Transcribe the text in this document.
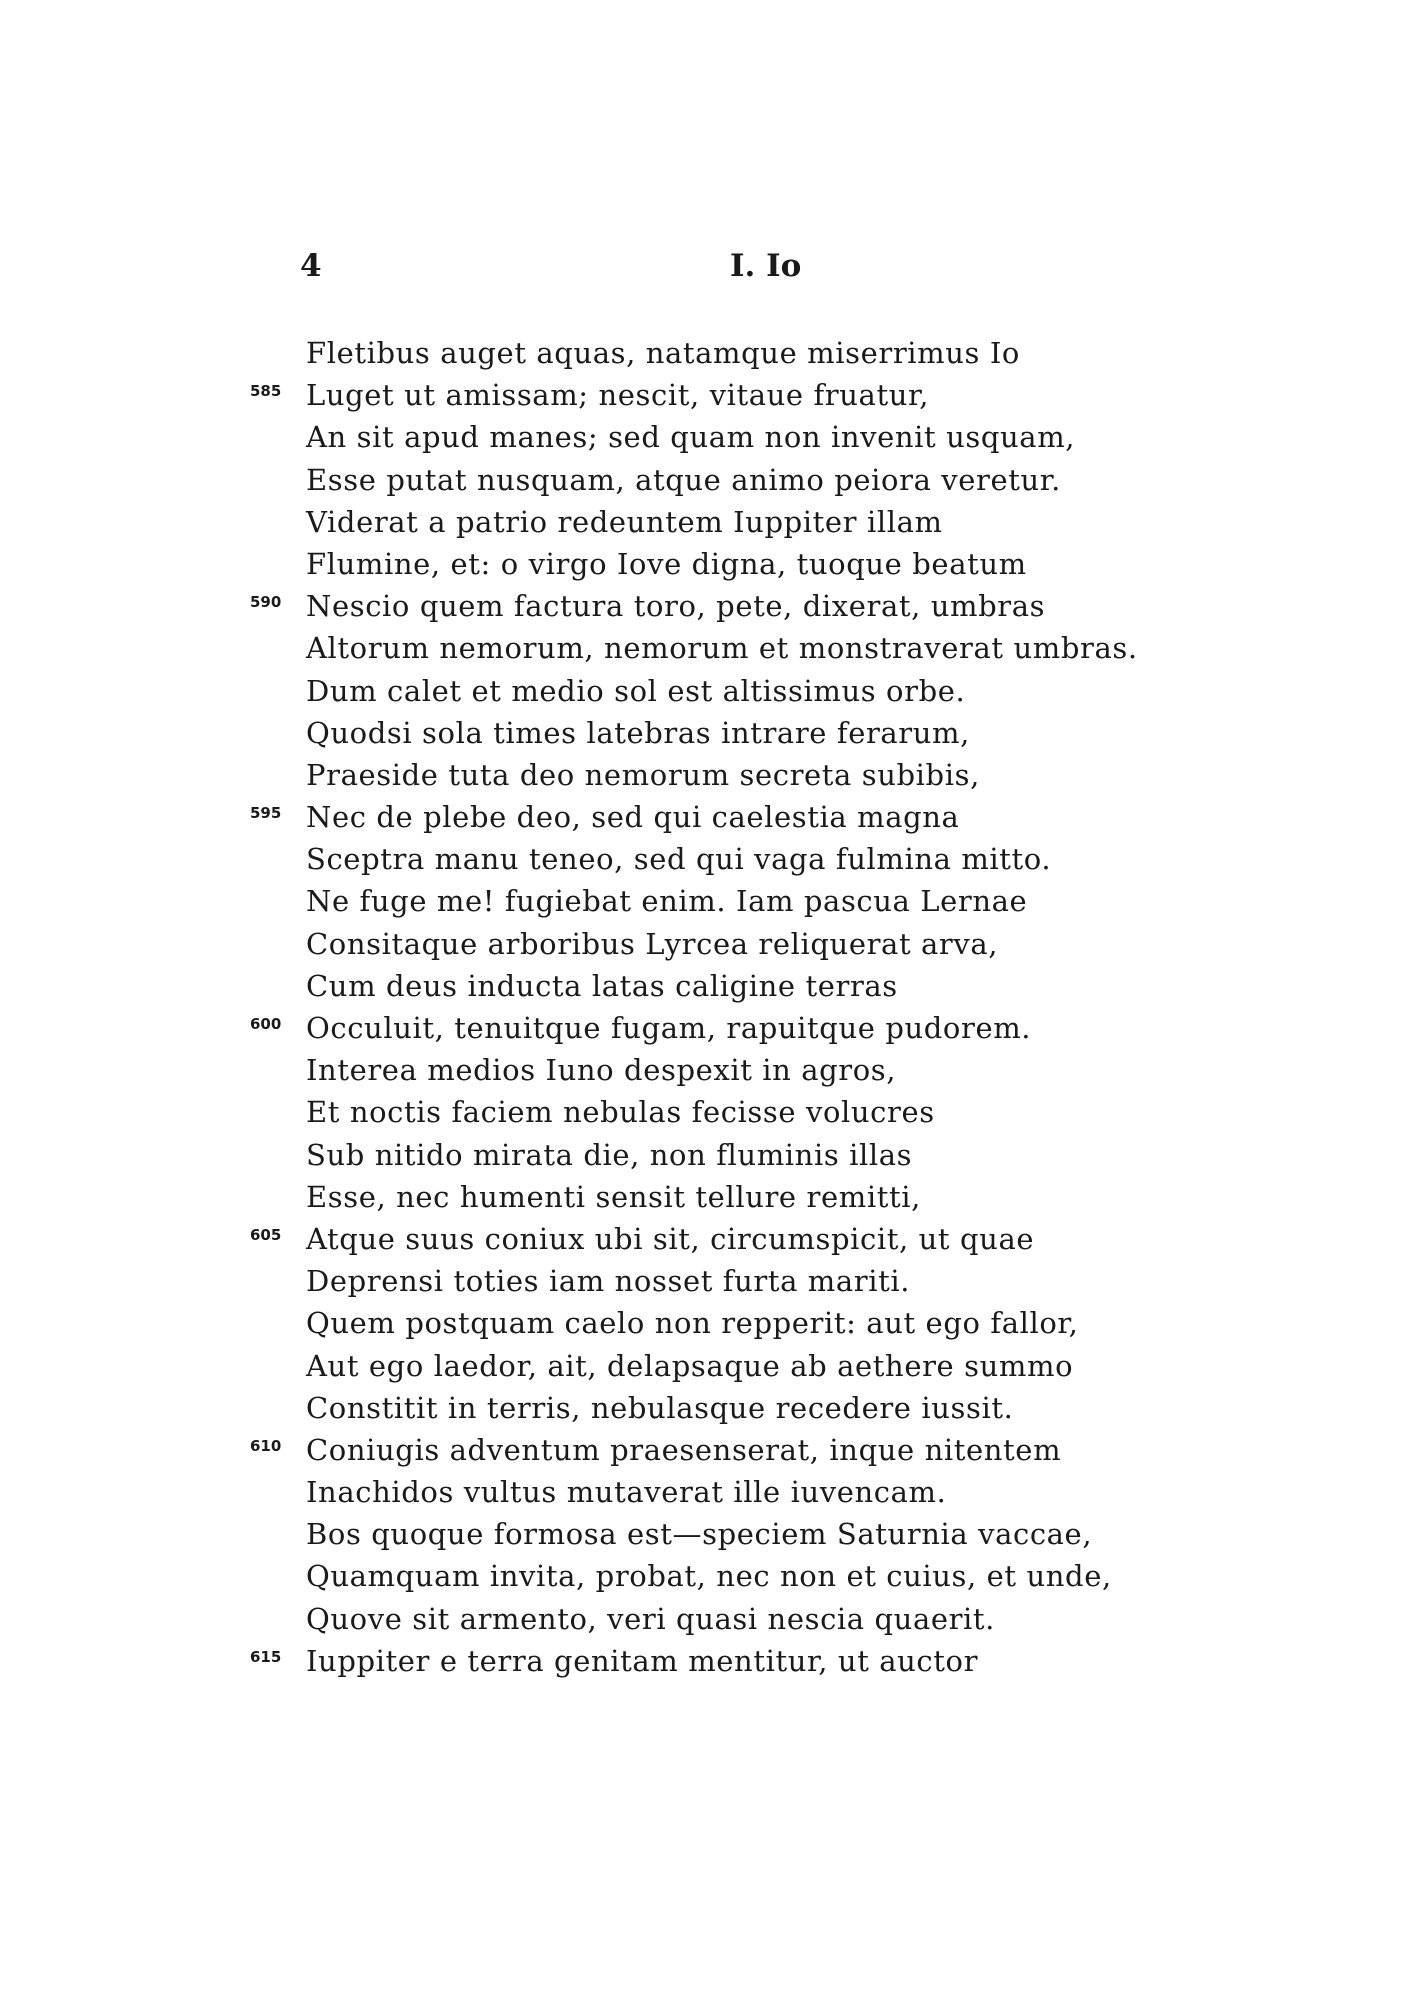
4	I. Io
Fletibus auget aquas, natamque miserrimus Io
585 Luget ut amissam; nescit, vitaue fruatur,
An sit apud manes; sed quam non invenit usquam,
Esse putat nusquam, atque animo peiora veretur.
Viderat a patrio redeuntem Iuppiter illam
Flumine, et: o virgo Iove digna, tuoque beatum
590 Nescio quem factura toro, pete, dixerat, umbras
Altorum nemorum, nemorum et monstraverat umbras.
Dum calet et medio sol est altissimus orbe.
Quodsi sola times latebras intrare ferarum,
Praeside tuta deo nemorum secreta subibis,
595 Nec de plebe deo, sed qui caelestia magna
Sceptra manu teneo, sed qui vaga fulmina mitto.
Ne fuge me! fugiebat enim. Iam pascua Lernae
Consitaque arboribus Lyrcea reliquerat arva,
Cum deus inducta latas caligine terras
600 Occuluit, tenuitque fugam, rapuitque pudorem.
Interea medios Iuno despexit in agros,
Et noctis faciem nebulas fecisse volucres
Sub nitido mirata die, non fluminis illas
Esse, nec humenti sensit tellure remitti,
605 Atque suus coniux ubi sit, circumspicit, ut quae
Deprensi toties iam nosset furta mariti.
Quem postquam caelo non repperit: aut ego fallor,
Aut ego laedor, ait, delapsaque ab aethere summo
Constitit in terris, nebulasque recedere iussit.
610 Coniugis adventum praesenserat, inque nitentem
Inachidos vultus mutaverat ille iuvencam.
Bos quoque formosa est—speciem Saturnia vaccae,
Quamquam invita, probat, nec non et cuius, et unde,
Quove sit armento, veri quasi nescia quaerit.
615 Iuppiter e terra genitam mentitur, ut auctor
